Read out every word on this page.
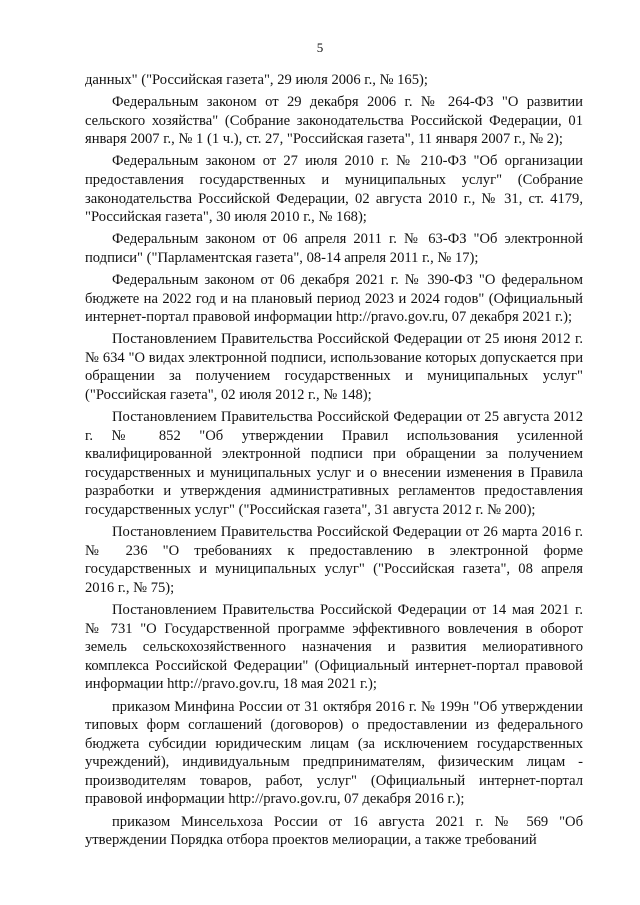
5

данных" ("Российская газета", 29 июля 2006 г., № 165);

Федеральным законом от 29 декабря 2006 г. № 264-ФЗ "О развитии сельского хозяйства" (Собрание законодательства Российской Федерации, 01 января 2007 г., № 1 (1 ч.), ст. 27, "Российская газета", 11 января 2007 г., № 2);

Федеральным законом от 27 июля 2010 г. № 210-ФЗ "Об организации предоставления государственных и муниципальных услуг" (Собрание законодательства Российской Федерации, 02 августа 2010 г., № 31, ст. 4179, "Российская газета", 30 июля 2010 г., № 168);

Федеральным законом от 06 апреля 2011 г. № 63-ФЗ "Об электронной подписи" ("Парламентская газета", 08-14 апреля 2011 г., № 17);

Федеральным законом от 06 декабря 2021 г. № 390-ФЗ "О федеральном бюджете на 2022 год и на плановый период 2023 и 2024 годов" (Официальный интернет-портал правовой информации http://pravo.gov.ru, 07 декабря 2021 г.);

Постановлением Правительства Российской Федерации от 25 июня 2012 г. № 634 "О видах электронной подписи, использование которых допускается при обращении за получением государственных и муниципальных услуг" ("Российская газета", 02 июля 2012 г., № 148);

Постановлением Правительства Российской Федерации от 25 августа 2012 г. № 852 "Об утверждении Правил использования усиленной квалифицированной электронной подписи при обращении за получением государственных и муниципальных услуг и о внесении изменения в Правила разработки и утверждения административных регламентов предоставления государственных услуг" ("Российская газета", 31 августа 2012 г. № 200);

Постановлением Правительства Российской Федерации от 26 марта 2016 г. № 236 "О требованиях к предоставлению в электронной форме государственных и муниципальных услуг" ("Российская газета", 08 апреля 2016 г., № 75);

Постановлением Правительства Российской Федерации от 14 мая 2021 г. № 731 "О Государственной программе эффективного вовлечения в оборот земель сельскохозяйственного назначения и развития мелиоративного комплекса Российской Федерации" (Официальный интернет-портал правовой информации http://pravo.gov.ru, 18 мая 2021 г.);

приказом Минфина России от 31 октября 2016 г. № 199н "Об утверждении типовых форм соглашений (договоров) о предоставлении из федерального бюджета субсидии юридическим лицам (за исключением государственных учреждений), индивидуальным предпринимателям, физическим лицам - производителям товаров, работ, услуг" (Официальный интернет-портал правовой информации http://pravo.gov.ru, 07 декабря 2016 г.);

приказом Минсельхоза России от 16 августа 2021 г. № 569 "Об утверждении Порядка отбора проектов мелиорации, а также требований
